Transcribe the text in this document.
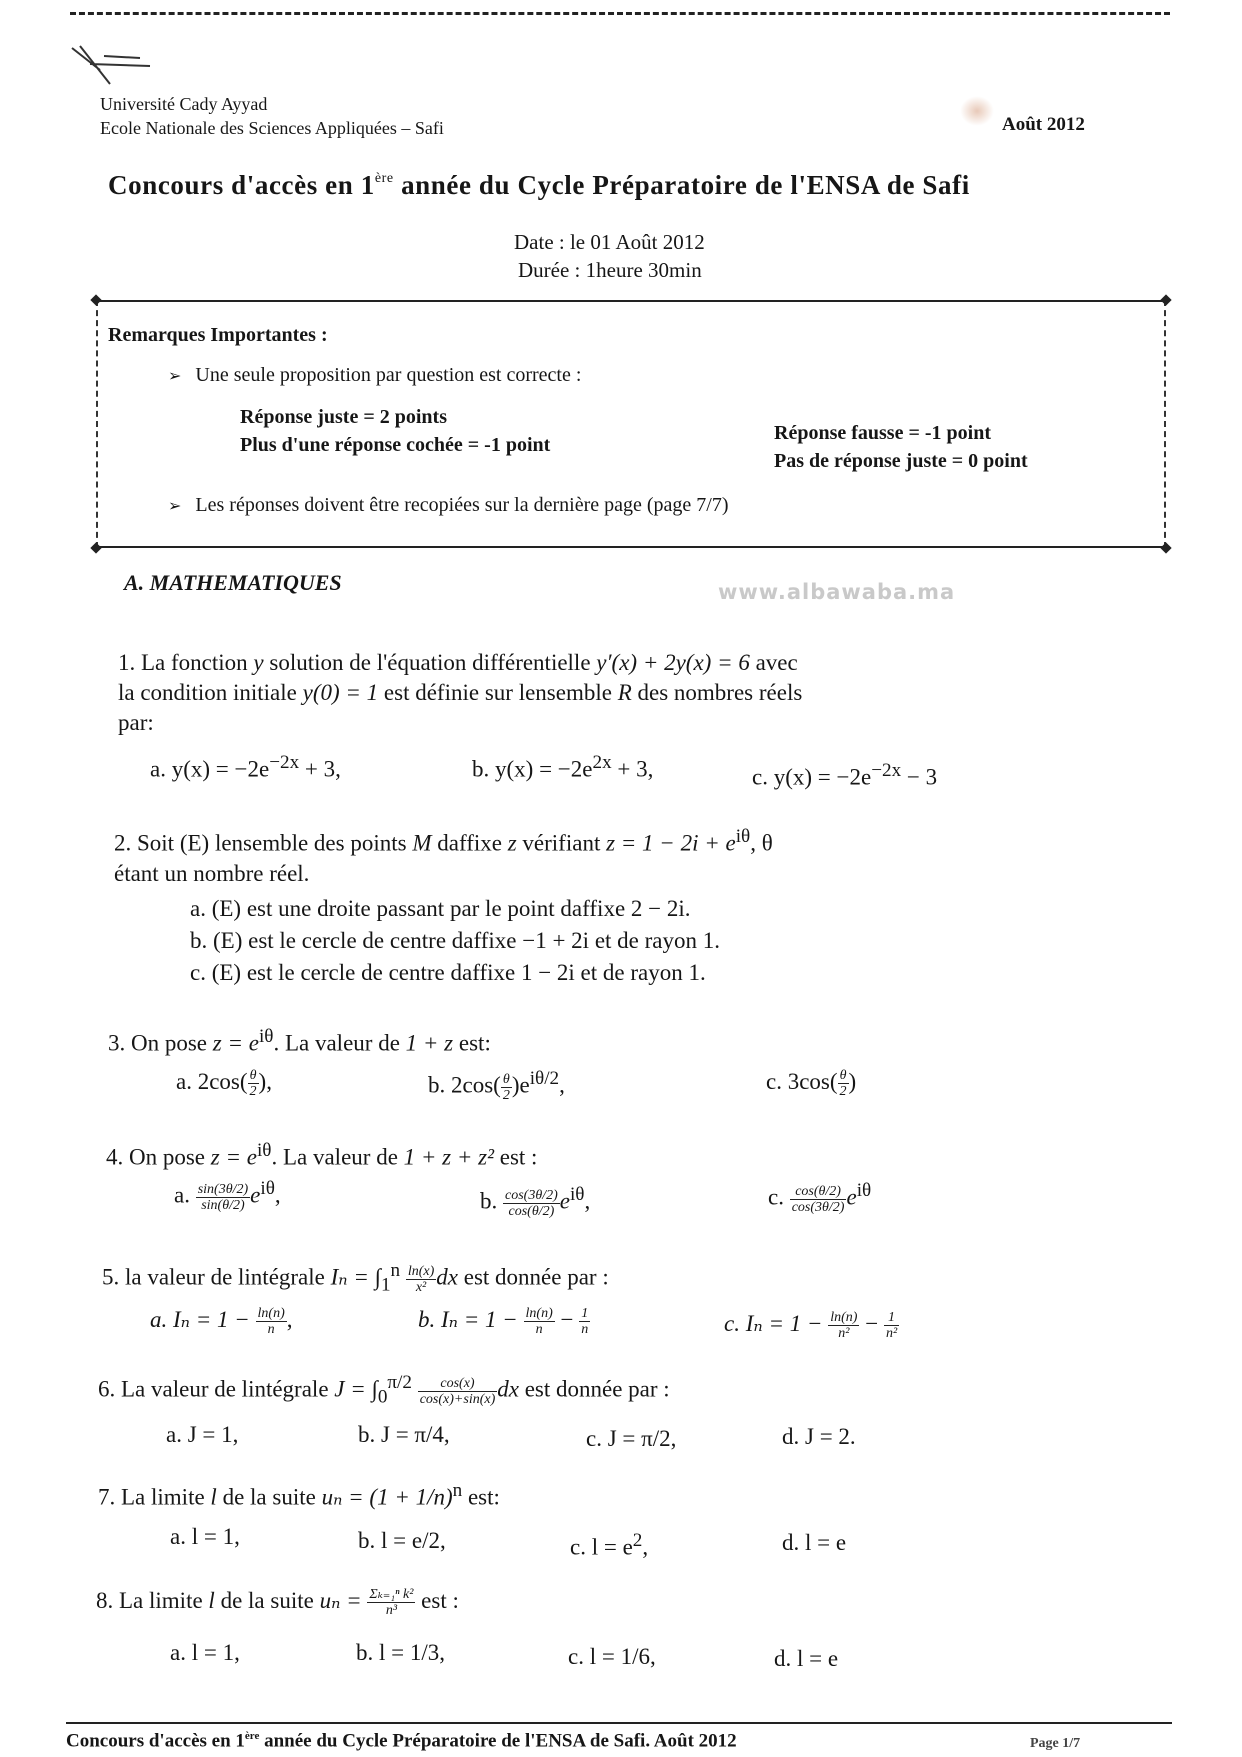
Université Cady Ayyad
Ecole Nationale des Sciences Appliquées – Safi	Août 2012
Concours d'accès en 1ère année du Cycle Préparatoire de l'ENSA de Safi
Date : le 01 Août 2012
Durée : 1heure 30min
Remarques Importantes :
➢ Une seule proposition par question est correcte :
Réponse juste = 2 points
Plus d'une réponse cochée = -1 point
Réponse fausse = -1 point
Pas de réponse juste = 0 point
➢ Les réponses doivent être recopiées sur la dernière page (page 7/7)
A. MATHEMATIQUES	www.albawaba.ma
1. La fonction y solution de l'équation différentielle y′(x) + 2y(x) = 6 avec
la condition initiale y(0) = 1 est définie sur lensemble R des nombres réels
par:
a. $y(x) = -2e^{-2x} + 3$,	b. $y(x) = -2e^{2x} + 3$,	c. $y(x) = -2e^{-2x} - 3$
2. Soit (E) lensemble des points M daffixe z vérifiant $z = 1 - 2i + e^{i\theta}$, θ
étant un nombre réel.
a. (E) est une droite passant par le point daffixe 2 − 2i.
b. (E) est le cercle de centre daffixe −1 + 2i et de rayon 1.
c. (E) est le cercle de centre daffixe 1 − 2i et de rayon 1.
3. On pose $z = e^{i\theta}$. La valeur de 1 + z est:
a. $2\cos( \frac{\theta}{2}$ ),	b. $2\cos( \frac{\theta}{2} )e^{i\theta/2}$,	c. $3\cos( \frac{\theta}{2}$ )
4. On pose $z = e^{i\theta}$. La valeur de 1 + z + z² est :
a. $\frac{\sin(3\theta/2)}{\sin(\theta/2)} e^{i\theta}$,	b. $\frac{\cos(3\theta/2)}{\cos(\theta/2)} e^{i\theta}$,	c. $\frac{\cos(\theta/2)}{\cos(3\theta/2)} e^{i\theta}$
5. la valeur de lintégrale $I_n = \int_1^n \frac{\ln(x)}{\text{x²}}$ dx est donnée par :
a. $I_n = 1 - \frac{\ln(n)}{n}$ ,	b. $I_n = 1 - \frac{\ln(n)}{n} - \frac{1}{n}$	c. $I_n = 1 - \frac{\ln(n)}{\text{n²}} - \frac{1}{\text{n²}}$
6. La valeur de lintégrale $J = \int_0^{\pi/2} \frac{\cos(x)}{\cos(x)+\sin(x)}$ dx est donnée par :
a. J = 1,	b. J = π/4,	c. J = π/2,	d. J = 2.
7. La limite l de la suite $u_n = (1 + 1/n)^n$ est:
a. l = 1,	b. l = e/2,	c. $l = e^2$,	d. l = e
8. La limite l de la suite $u_n = \frac{\text{Σₖ₌₁ⁿ k²}}{\text{n³}}$ est :
a. l = 1,	b. l = 1/3,	c. l = 1/6,	d. l = e
Concours d'accès en 1ère année du Cycle Préparatoire de l'ENSA de Safi. Août 2012	Page 1/7
